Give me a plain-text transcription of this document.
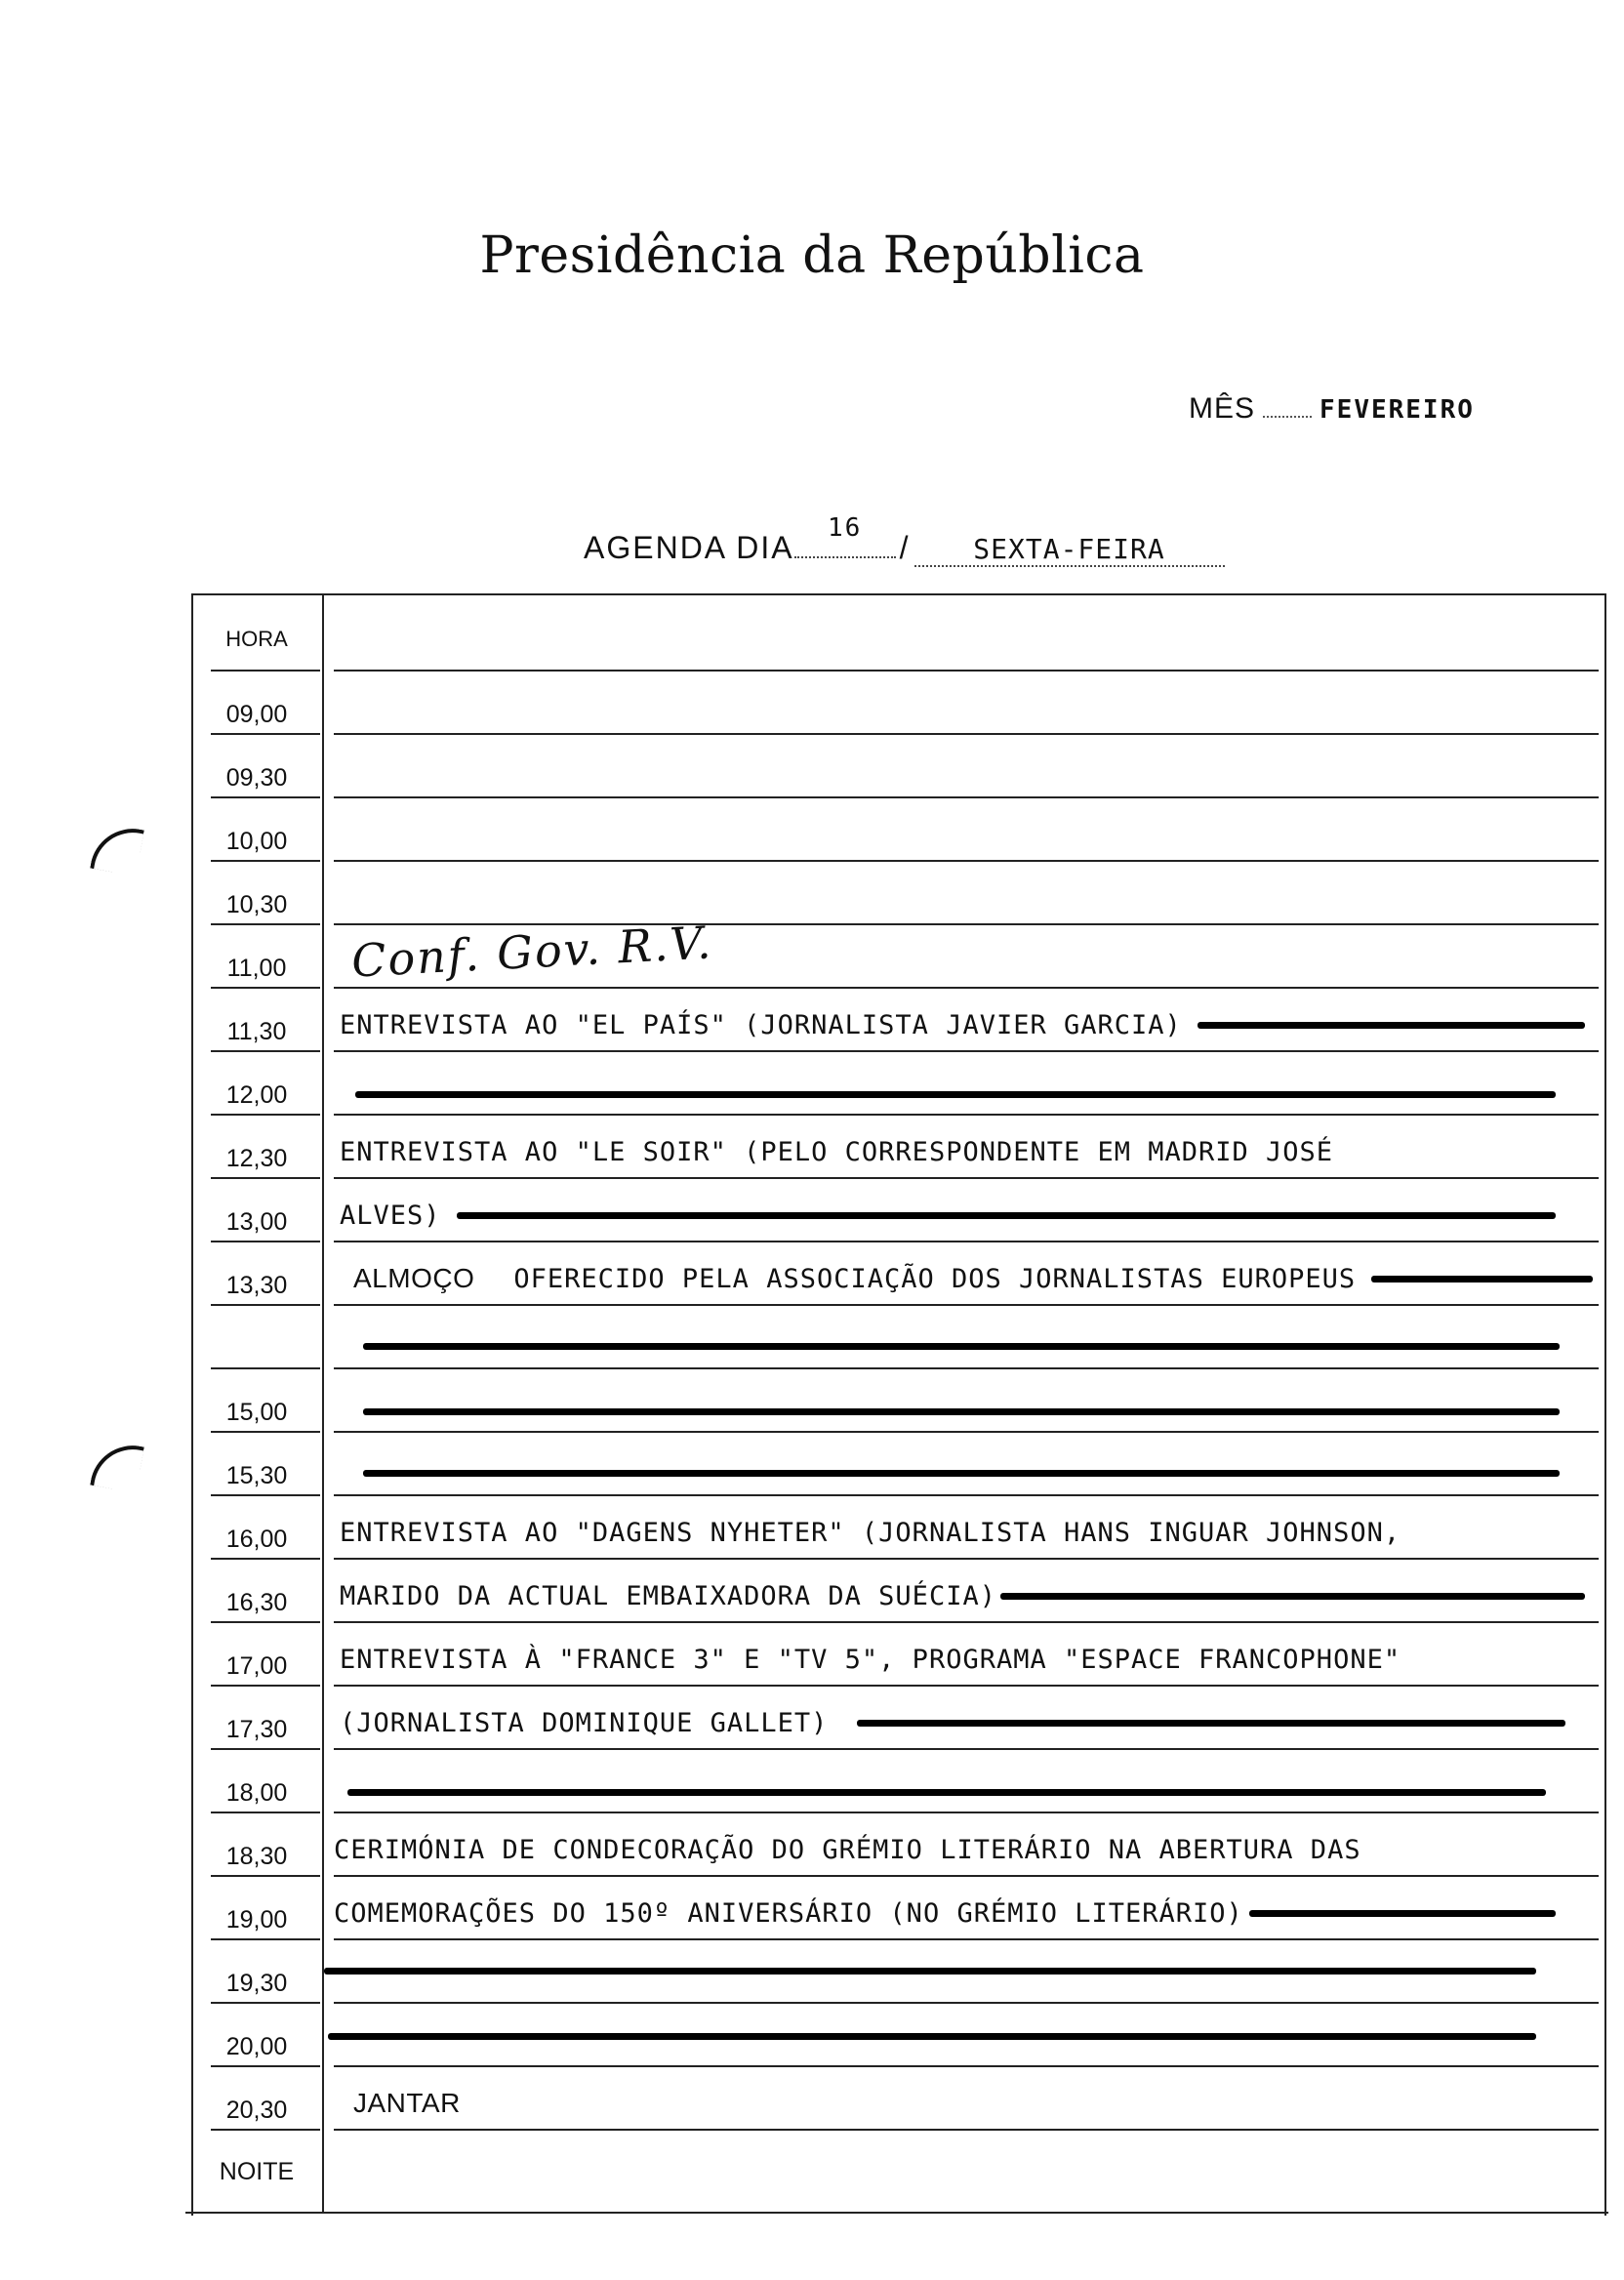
Presidência da República
MÊS	FEVEREIRO
AGENDA DIA
16
/ SEXTA-FEIRA
HORA
09,00
09,30
10,00
10,30
11,00	Conf. Gov. R.V.
11,30	ENTREVISTA AO "EL PAÍS" (JORNALISTA JAVIER GARCIA)
12,00
12,30	ENTREVISTA AO "LE SOIR" (PELO CORRESPONDENTE EM MADRID JOSÉ
13,00	ALVES)
13,30	ALMOÇO OFERECIDO PELA ASSOCIAÇÃO DOS JORNALISTAS EUROPEUS
15,00
15,30
16,00	ENTREVISTA AO "DAGENS NYHETER" (JORNALISTA HANS INGUAR JOHNSON,
16,30	MARIDO DA ACTUAL EMBAIXADORA DA SUÉCIA)
17,00	ENTREVISTA À "FRANCE 3" E "TV 5", PROGRAMA "ESPACE FRANCOPHONE"
17,30	(JORNALISTA DOMINIQUE GALLET)
18,00
18,30	CERIMÓNIA DE CONDECORAÇÃO DO GRÉMIO LITERÁRIO NA ABERTURA DAS
19,00	COMEMORAÇÕES DO 150º ANIVERSÁRIO (NO GRÉMIO LITERÁRIO)
19,30
20,00
20,30	JANTAR
NOITE
